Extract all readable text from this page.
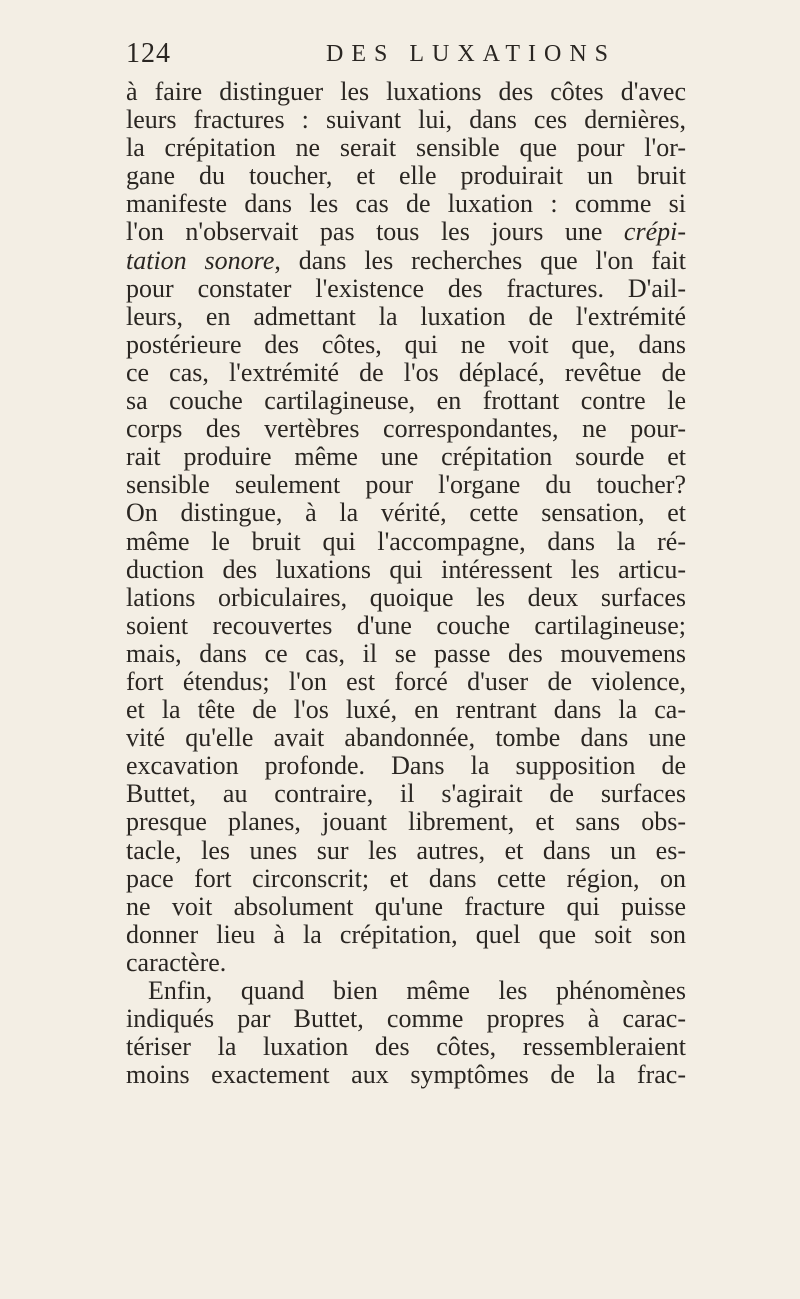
124	DES LUXATIONS
à faire distinguer les luxations des côtes d'avec
leurs fractures : suivant lui, dans ces dernières,
la crépitation ne serait sensible que pour l'or-
gane du toucher, et elle produirait un bruit
manifeste dans les cas de luxation : comme si
l'on n'observait pas tous les jours une crépi-
tation sonore, dans les recherches que l'on fait
pour constater l'existence des fractures. D'ail-
leurs, en admettant la luxation de l'extrémité
postérieure des côtes, qui ne voit que, dans
ce cas, l'extrémité de l'os déplacé, revêtue de
sa couche cartilagineuse, en frottant contre le
corps des vertèbres correspondantes, ne pour-
rait produire même une crépitation sourde et
sensible seulement pour l'organe du toucher?
On distingue, à la vérité, cette sensation, et
même le bruit qui l'accompagne, dans la ré-
duction des luxations qui intéressent les articu-
lations orbiculaires, quoique les deux surfaces
soient recouvertes d'une couche cartilagineuse;
mais, dans ce cas, il se passe des mouvemens
fort étendus; l'on est forcé d'user de violence,
et la tête de l'os luxé, en rentrant dans la ca-
vité qu'elle avait abandonnée, tombe dans une
excavation profonde. Dans la supposition de
Buttet, au contraire, il s'agirait de surfaces
presque planes, jouant librement, et sans obs-
tacle, les unes sur les autres, et dans un es-
pace fort circonscrit; et dans cette région, on
ne voit absolument qu'une fracture qui puisse
donner lieu à la crépitation, quel que soit son
caractère.
Enfin, quand bien même les phénomènes
indiqués par Buttet, comme propres à carac-
tériser la luxation des côtes, ressembleraient
moins exactement aux symptômes de la frac-
